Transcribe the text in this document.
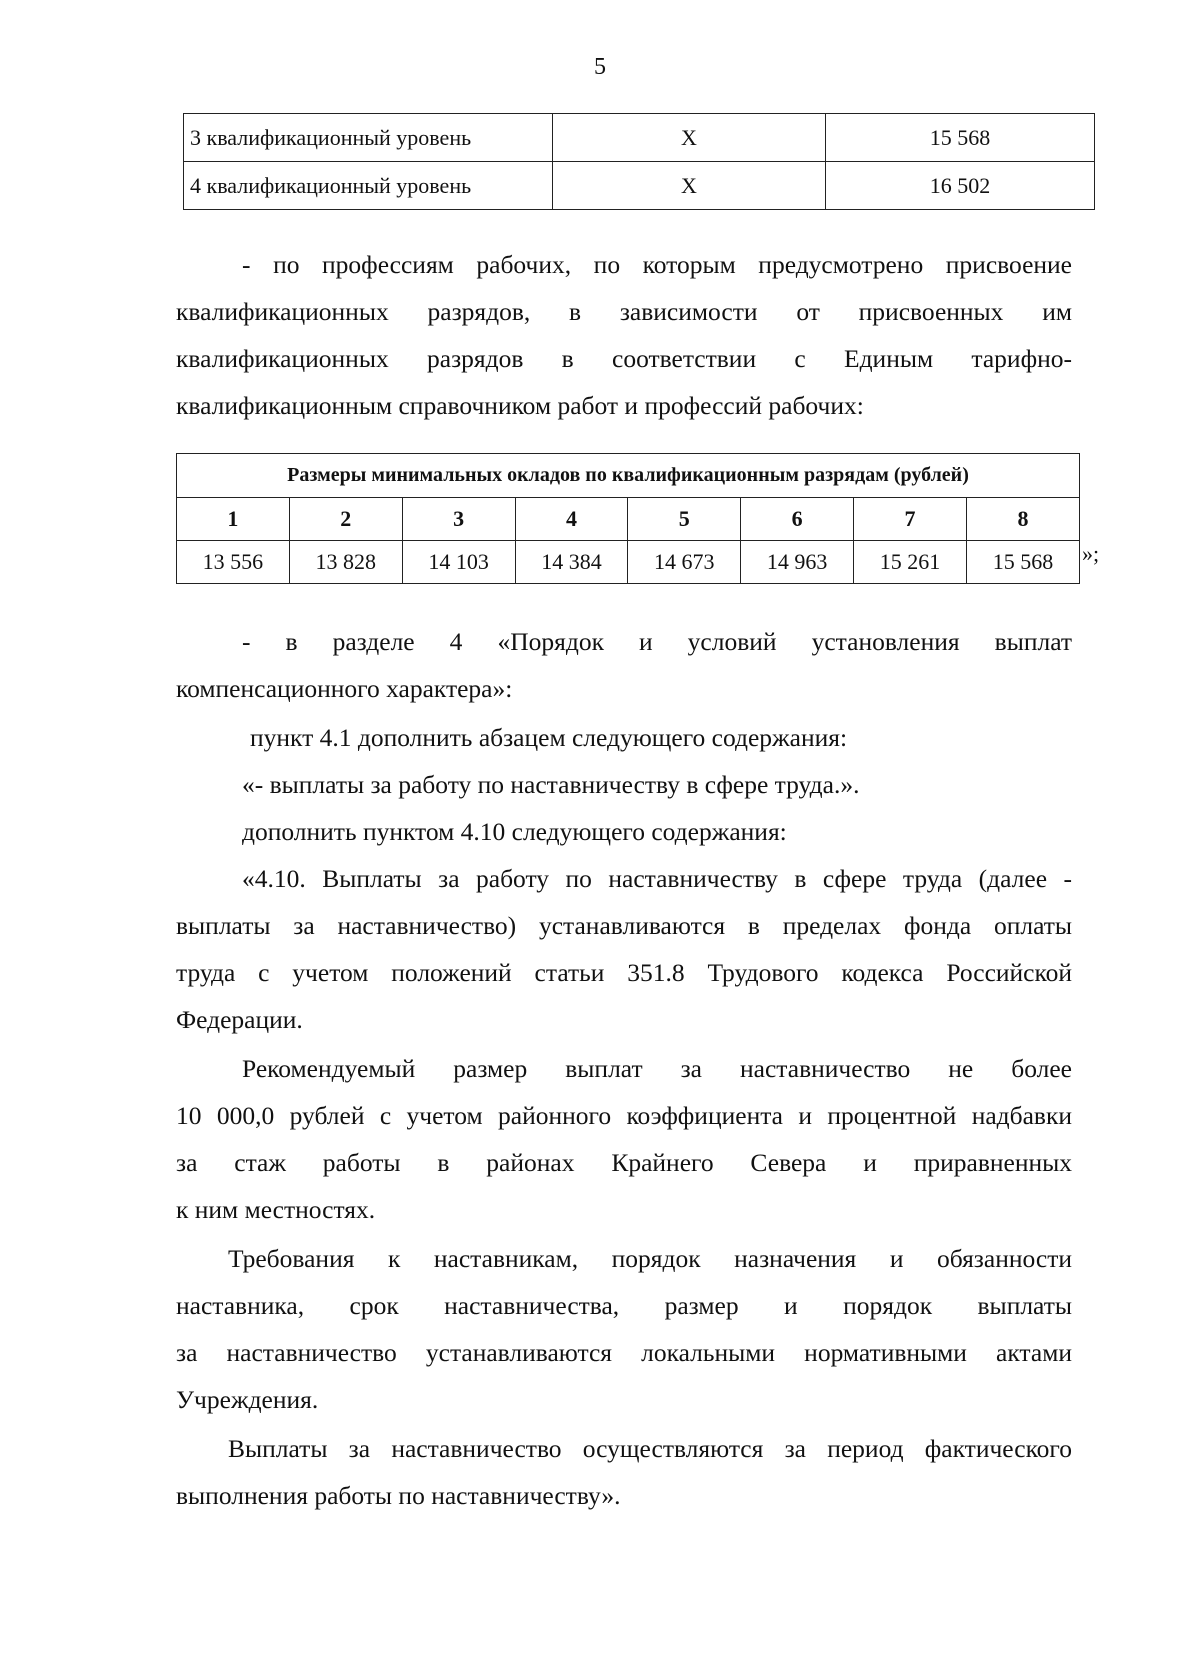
5
3 квалификационный уровень	X	15 568
4 квалификационный уровень	X	16 502
- по профессиям рабочих, по которым предусмотрено присвоение
квалификационных разрядов, в зависимости от присвоенных им
квалификационных разрядов в соответствии с Единым тарифно-
квалификационным справочником работ и профессий рабочих:
Размеры минимальных окладов по квалификационным разрядам (рублей)							
1	2	3	4	5	6	7	8
13 556	13 828	14 103	14 384	14 673	14 963	15 261	15 568 »;
- в разделе 4 «Порядок и условий установления выплат
компенсационного характера»:
пункт 4.1 дополнить абзацем следующего содержания:
«- выплаты за работу по наставничеству в сфере труда.».
дополнить пунктом 4.10 следующего содержания:
«4.10. Выплаты за работу по наставничеству в сфере труда (далее -
выплаты за наставничество) устанавливаются в пределах фонда оплаты
труда с учетом положений статьи 351.8 Трудового кодекса Российской
Федерации.
Рекомендуемый размер выплат за наставничество не более
10 000,0 рублей с учетом районного коэффициента и процентной надбавки
за стаж работы в районах Крайнего Севера и приравненных
к ним местностях.
Требования к наставникам, порядок назначения и обязанности
наставника, срок наставничества, размер и порядок выплаты
за наставничество устанавливаются локальными нормативными актами
Учреждения.
Выплаты за наставничество осуществляются за период фактического
выполнения работы по наставничеству».
